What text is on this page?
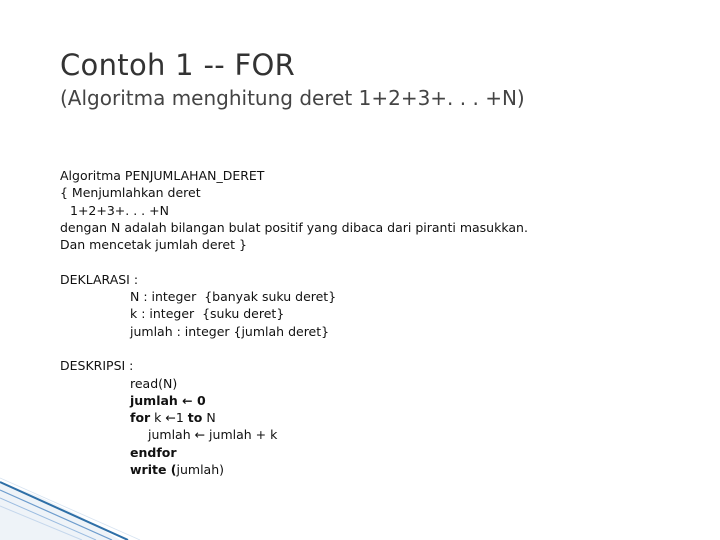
Contoh 1 -- FOR
(Algoritma menghitung deret 1+2+3+. . . +N)
Algoritma PENJUMLAHAN_DERET
{ Menjumlahkan deret
1+2+3+. . . +N
dengan N adalah bilangan bulat positif yang dibaca dari piranti masukkan.
Dan mencetak jumlah deret }
DEKLARASI :
N : integer  {banyak suku deret}
k : integer  {suku deret}
jumlah : integer {jumlah deret}
DESKRIPSI :
read(N)
jumlah ← 0
for k ←1 to N
jumlah ← jumlah + k
endfor
write (jumlah)
